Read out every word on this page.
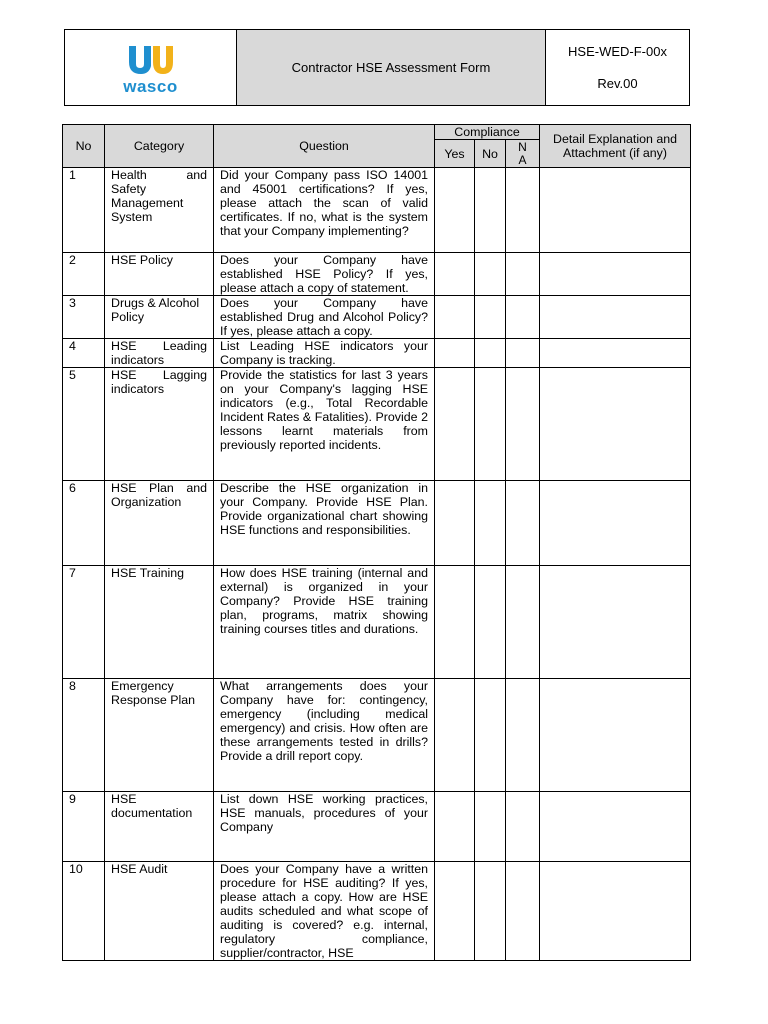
wasco
Contractor HSE Assessment Form
HSE-WED-F-00x
Rev.00
No	Category	Question	Compliance			Detail Explanation and Attachment (if any)
			Yes	No	N A	
1	Health and Safety Management System	Did your Company pass ISO 14001 and 45001 certifications? If yes, please attach the scan of valid certificates. If no, what is the system that your Company implementing?				
2	HSE Policy	Does your Company have established HSE Policy? If yes, please attach a copy of statement.				
3	Drugs & Alcohol Policy	Does your Company have established Drug and Alcohol Policy? If yes, please attach a copy.				
4	HSE Leading indicators	List Leading HSE indicators your Company is tracking.				
5	HSE Lagging indicators	Provide the statistics for last 3 years on your Company's lagging HSE indicators (e.g., Total Recordable Incident Rates & Fatalities). Provide 2 lessons learnt materials from previously reported incidents.				
6	HSE Plan and Organization	Describe the HSE organization in your Company. Provide HSE Plan. Provide organizational chart showing HSE functions and responsibilities.				
7	HSE Training	How does HSE training (internal and external) is organized in your Company? Provide HSE training plan, programs, matrix showing training courses titles and durations.				
8	Emergency Response Plan	What arrangements does your Company have for: contingency, emergency (including medical emergency) and crisis. How often are these arrangements tested in drills? Provide a drill report copy.				
9	HSE documentation	List down HSE working practices, HSE manuals, procedures of your Company				
10	HSE Audit	Does your Company have a written procedure for HSE auditing? If yes, please attach a copy. How are HSE audits scheduled and what scope of auditing is covered? e.g. internal, regulatory compliance, supplier/contractor, HSE				
